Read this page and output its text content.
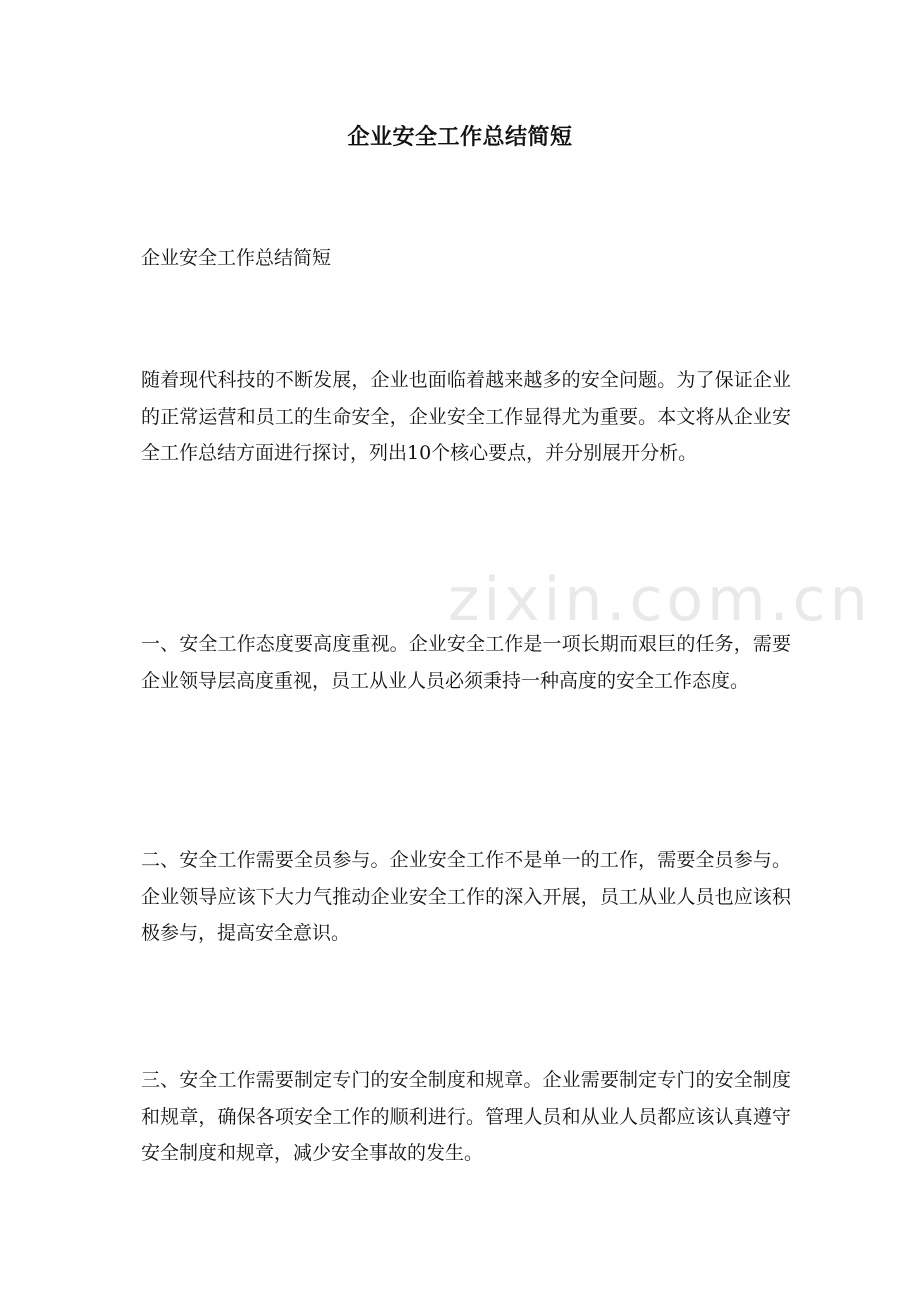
zixin.com.cn
企业安全工作总结简短
企业安全工作总结简短
随着现代科技的不断发展，企业也面临着越来越多的安全问题。为了保证企业的正常运营和员工的生命安全，企业安全工作显得尤为重要。本文将从企业安全工作总结方面进行探讨，列出10个核心要点，并分别展开分析。
一、安全工作态度要高度重视。企业安全工作是一项长期而艰巨的任务，需要企业领导层高度重视，员工从业人员必须秉持一种高度的安全工作态度。
二、安全工作需要全员参与。企业安全工作不是单一的工作，需要全员参与。企业领导应该下大力气推动企业安全工作的深入开展，员工从业人员也应该积极参与，提高安全意识。
三、安全工作需要制定专门的安全制度和规章。企业需要制定专门的安全制度和规章，确保各项安全工作的顺利进行。管理人员和从业人员都应该认真遵守安全制度和规章，减少安全事故的发生。
